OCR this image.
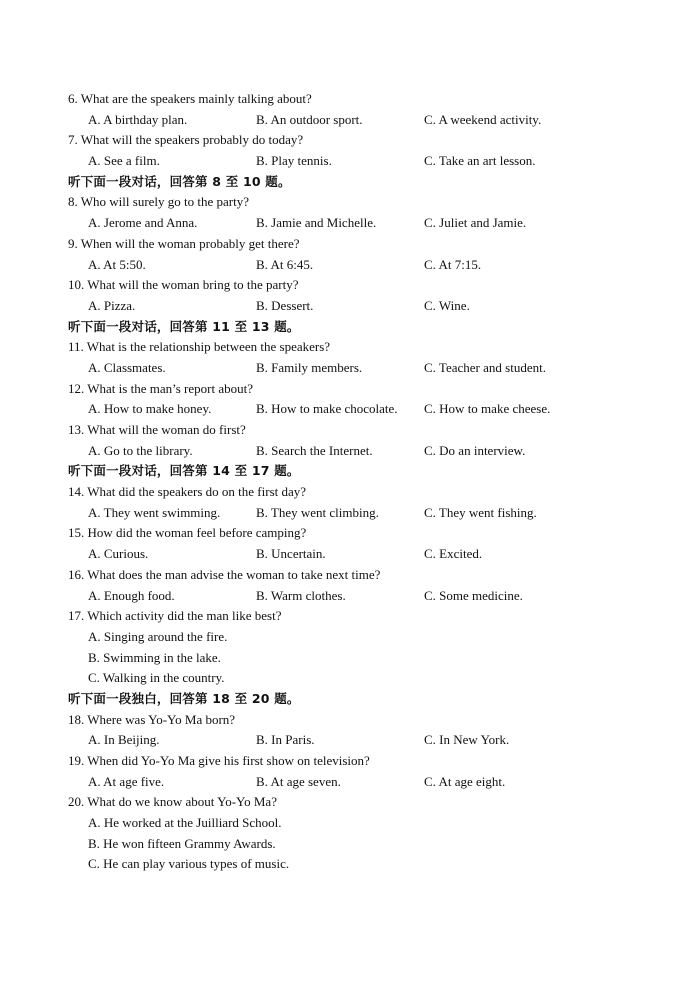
6. What are the speakers mainly talking about?
A. A birthday plan.	B. An outdoor sport.	C. A weekend activity.
7. What will the speakers probably do today?
A. See a film.	B. Play tennis.	C. Take an art lesson.
听下面一段对话，回答第 8 至 10 题。
8. Who will surely go to the party?
A. Jerome and Anna.	B. Jamie and Michelle.	C. Juliet and Jamie.
9. When will the woman probably get there?
A. At 5:50.	B. At 6:45.	C. At 7:15.
10. What will the woman bring to the party?
A. Pizza.	B. Dessert.	C. Wine.
听下面一段对话，回答第 11 至 13 题。
11. What is the relationship between the speakers?
A. Classmates.	B. Family members.	C. Teacher and student.
12. What is the man’s report about?
A. How to make honey.	B. How to make chocolate. C. How to make cheese.
13. What will the woman do first?
A. Go to the library.	B. Search the Internet.	C. Do an interview.
听下面一段对话，回答第 14 至 17 题。
14. What did the speakers do on the first day?
A. They went swimming.	B. They went climbing.	C. They went fishing.
15. How did the woman feel before camping?
A. Curious.	B. Uncertain.	C. Excited.
16. What does the man advise the woman to take next time?
A. Enough food.	B. Warm clothes.	C. Some medicine.
17. Which activity did the man like best?
A. Singing around the fire.
B. Swimming in the lake.
C. Walking in the country.
听下面一段独白，回答第 18 至 20 题。
18. Where was Yo-Yo Ma born?
A. In Beijing.	B. In Paris.	C. In New York.
19. When did Yo-Yo Ma give his first show on television?
A. At age five.	B. At age seven.	C. At age eight.
20. What do we know about Yo-Yo Ma?
A. He worked at the Juilliard School.
B. He won fifteen Grammy Awards.
C. He can play various types of music.
